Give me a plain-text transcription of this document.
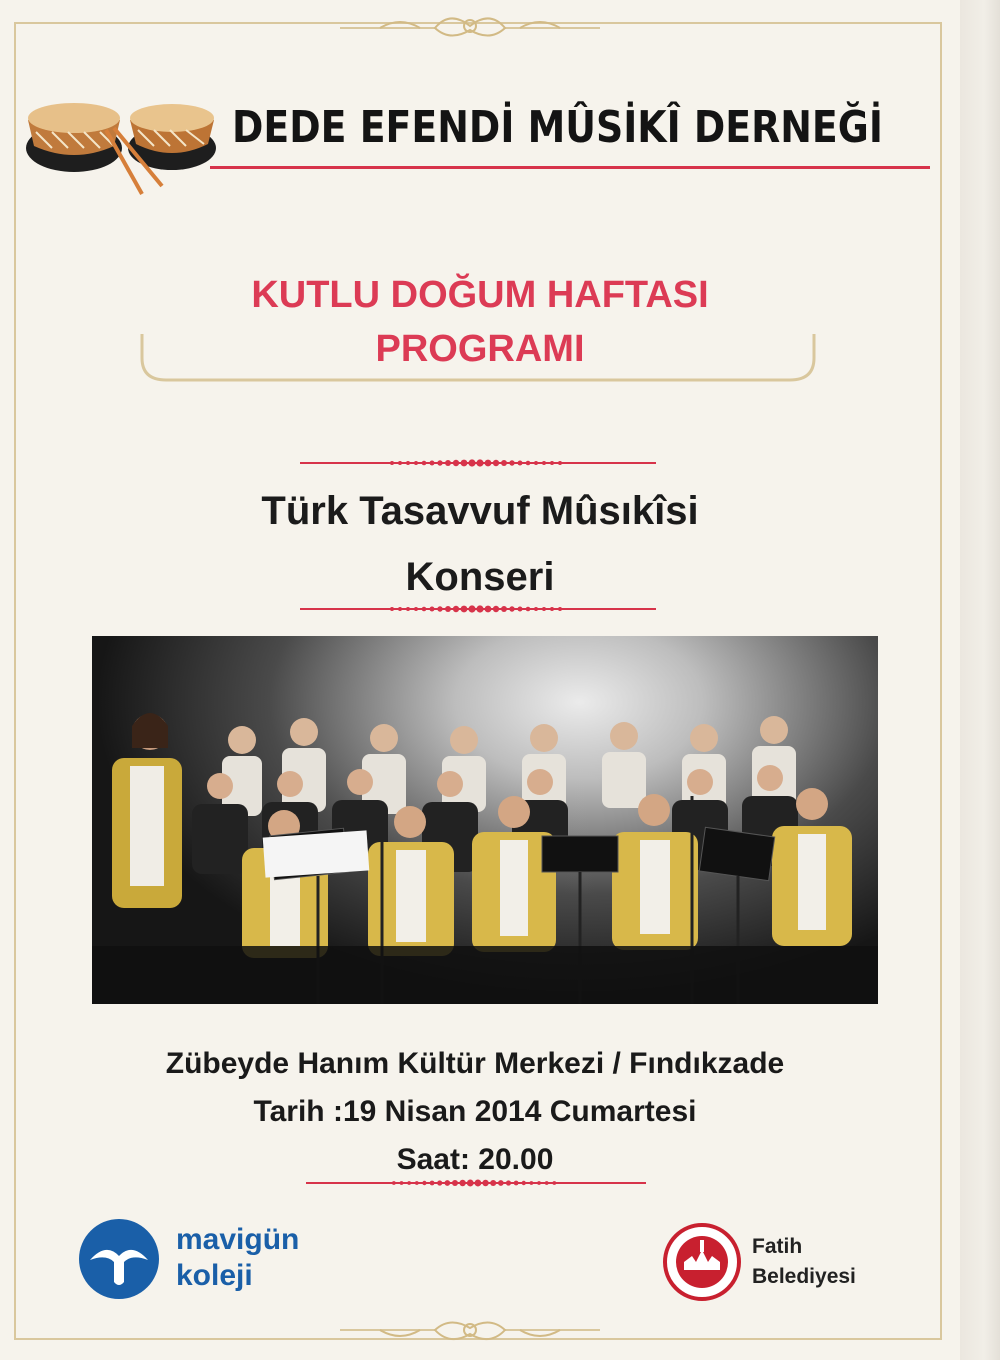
DEDE EFENDİ MÛSİKÎ DERNEĞİ
KUTLU DOĞUM HAFTASI
PROGRAMI
Türk Tasavvuf Mûsıkîsi
Konseri
Zübeyde Hanım Kültür Merkezi / Fındıkzade
Tarih :19 Nisan 2014 Cumartesi
Saat: 20.00
mavigün
koleji
Fatih
Belediyesi
